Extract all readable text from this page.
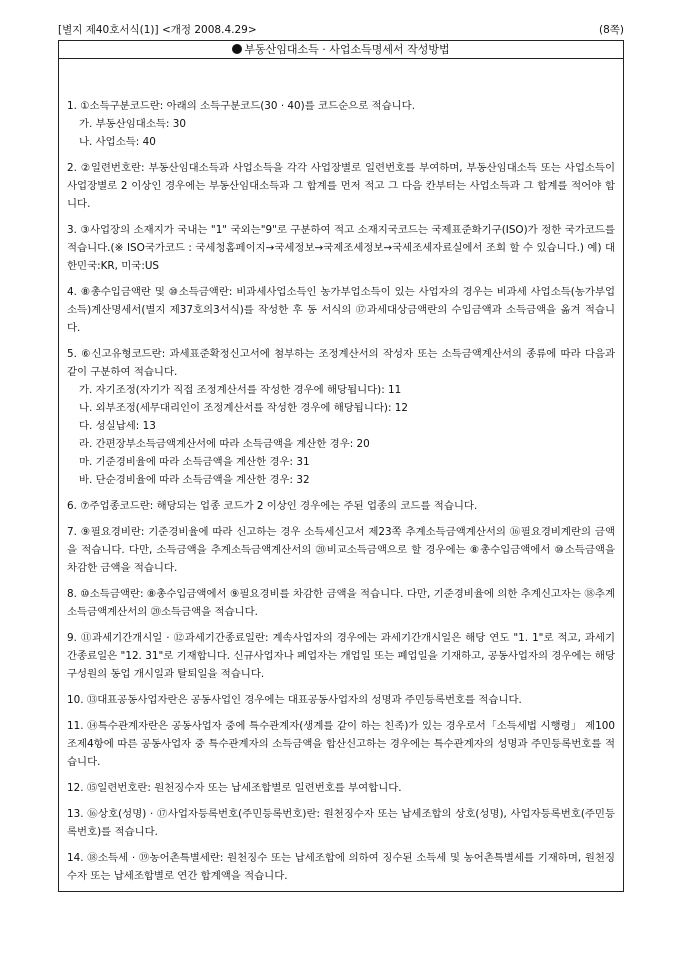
[별지 제40호서식(1)] <개정 2008.4.29>	(8쪽)
부동산임대소득 · 사업소득명세서 작성방법
1. ①소득구분코드란: 아래의 소득구분코드(30 · 40)를 코드순으로 적습니다.
가. 부동산임대소득: 30
나. 사업소득: 40
2. ②일련번호란: 부동산임대소득과 사업소득을 각각 사업장별로 일련번호를 부여하며, 부동산임대소득 또는 사업소득이 사업장별로 2 이상인 경우에는 부동산임대소득과 그 합계를 먼저 적고 그 다음 칸부터는 사업소득과 그 합계를 적어야 합니다.
3. ③사업장의 소재지가 국내는 "1" 국외는"9"로 구분하여 적고 소재지국코드는 국제표준화기구(ISO)가 정한 국가코드를 적습니다.(※ ISO국가코드 : 국세청홈페이지→국세정보→국제조세정보→국세조세자료실에서 조회 할 수 있습니다.) 예) 대한민국:KR, 미국:US
4. ⑧총수입금액란 및 ⑩소득금액란: 비과세사업소득인 농가부업소득이 있는 사업자의 경우는 비과세 사업소득(농가부업소득)계산명세서(별지 제37호의3서식)를 작성한 후 동 서식의 ⑰과세대상금액란의 수입금액과 소득금액을 옮겨 적습니다.
5. ⑥신고유형코드란: 과세표준확정신고서에 첨부하는 조정계산서의 작성자 또는 소득금액계산서의 종류에 따라 다음과 같이 구분하여 적습니다.
가. 자기조정(자기가 직접 조정계산서를 작성한 경우에 해당됩니다): 11
나. 외부조정(세무대리인이 조정계산서를 작성한 경우에 해당됩니다): 12
다. 성실납세: 13
라. 간편장부소득금액계산서에 따라 소득금액을 계산한 경우: 20
마. 기준경비율에 따라 소득금액을 계산한 경우: 31
바. 단순경비율에 따라 소득금액을 계산한 경우: 32
6. ⑦주업종코드란: 해당되는 업종 코드가 2 이상인 경우에는 주된 업종의 코드를 적습니다.
7. ⑨필요경비란: 기준경비율에 따라 신고하는 경우 소득세신고서 제23쪽 추계소득금액계산서의 ⑯필요경비계란의 금액을 적습니다. 다만, 소득금액을 추계소득금액계산서의 ⑳비교소득금액으로 할 경우에는 ⑧총수입금액에서 ⑩소득금액을 차감한 금액을 적습니다.
8. ⑩소득금액란: ⑧총수입금액에서 ⑨필요경비를 차감한 금액을 적습니다. 다만, 기준경비율에 의한 추계신고자는 ⑱추계소득금액계산서의 ⑳소득금액을 적습니다.
9. ⑪과세기간개시일 · ⑫과세기간종료일란: 계속사업자의 경우에는 과세기간개시일은 해당 연도 "1. 1"로 적고, 과세기간종료일은 "12. 31"로 기재합니다. 신규사업자나 폐업자는 개업일 또는 폐업일을 기재하고, 공동사업자의 경우에는 해당 구성원의 동업 개시일과 탈퇴일을 적습니다.
10. ⑬대표공동사업자란은 공동사업인 경우에는 대표공동사업자의 성명과 주민등록번호를 적습니다.
11. ⑭특수관계자란은 공동사업자 중에 특수관계자(생계를 같이 하는 친족)가 있는 경우로서「소득세법 시행령」 제100조제4항에 따른 공동사업자 중 특수관계자의 소득금액을 합산신고하는 경우에는 특수관계자의 성명과 주민등록번호를 적습니다.
12. ⑮일련번호란: 원천징수자 또는 납세조합별로 일련번호를 부여합니다.
13. ⑯상호(성명) · ⑰사업자등록번호(주민등록번호)란: 원천징수자 또는 납세조합의 상호(성명), 사업자등록번호(주민등록번호)를 적습니다.
14. ⑱소득세 · ⑲농어촌특별세란: 원천징수 또는 납세조합에 의하여 징수된 소득세 및 농어촌특별세를 기재하며, 원천징수자 또는 납세조합별로 연간 합계액을 적습니다.
